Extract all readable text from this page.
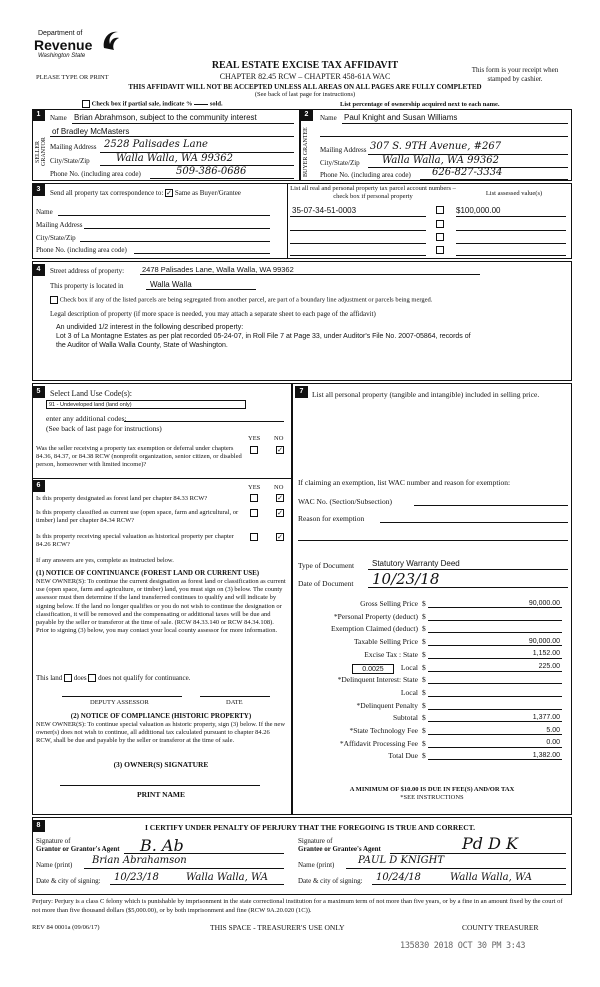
Department of
Revenue
Washington State
REAL ESTATE EXCISE TAX AFFIDAVIT
CHAPTER 82.45 RCW – CHAPTER 458-61A WAC
PLEASE TYPE OR PRINT
This form is your receipt when stamped by cashier.
THIS AFFIDAVIT WILL NOT BE ACCEPTED UNLESS ALL AREAS ON ALL PAGES ARE FULLY COMPLETED
(See back of last page for instructions)
Check box if partial sale, indicate %	sold.	List percentage of ownership acquired next to each name.
1	2
SELLER GRANTOR	BUYER GRANTEE
Name Brian Abrahmson, subject to the community interest
of Bradley McMasters
Mailing Address 2528 Palisades Lane
City/State/Zip	Walla Walla, WA 99362
Phone No. (including area code)	509-386-0686
Name Paul Knight and Susan Williams
Mailing Address 307 S. 9TH Avenue, #267
City/State/Zip Walla Walla, WA 99362
Phone No. (including area code) 626-827-3334
3	Send all property tax correspondence to: ✓ Same as Buyer/Grantee
Name
Mailing Address
City/State/Zip
Phone No. (including area code)
List all real and personal property tax parcel account numbers – check box if personal property	List assessed value(s)
35-07-34-51-0003	$100,000.00
4	Street address of property: 2478 Palisades Lane, Walla Walla, WA 99362
This property is located in	Walla Walla
Check box if any of the listed parcels are being segregated from another parcel, are part of a boundary line adjustment or parcels being merged.
Legal description of property (if more space is needed, you may attach a separate sheet to each page of the affidavit)
An undivided 1/2 interest in the following described property:
Lot 3 of La Montagne Estates as per plat recorded 05-24-07, in Roll File 7 at Page 33, under Auditor's File No. 2007-05864, records of
the Auditor of Walla Walla County, State of Washington.
5	Select Land Use Code(s):
91 - Undeveloped land (land only)
enter any additional codes:
(See back of last page for instructions)
YES NO
Was the seller receiving a property tax exemption or deferral under chapters 84.36, 84.37, or 84.38 RCW (nonprofit organization, senior citizen, or disabled person, homeowner with limited income)?
✓
6	YES NO
Is this property designated as forest land per chapter 84.33 RCW?	✓
Is this property classified as current use (open space, farm and agricultural, or timber) land per chapter 84.34 RCW?
✓
Is this property receiving special valuation as historical property per chapter 84.26 RCW?
✓
If any answers are yes, complete as instructed below.
(1) NOTICE OF CONTINUANCE (FOREST LAND OR CURRENT USE)
NEW OWNER(S): To continue the current designation as forest land or classification as current use (open space, farm and agriculture, or timber) land, you must sign on (3) below. The county assessor must then determine if the land transferred continues to qualify and will indicate by signing below. If the land no longer qualifies or you do not wish to continue the designation or classification, it will be removed and the compensating or additional taxes will be due and payable by the seller or transferor at the time of sale. (RCW 84.33.140 or RCW 84.34.108). Prior to signing (3) below, you may contact your local county assessor for more information.
This land does does not qualify for continuance.
DEPUTY ASSESSOR	DATE
(2) NOTICE OF COMPLIANCE (HISTORIC PROPERTY)
NEW OWNER(S): To continue special valuation as historic property, sign (3) below. If the new owner(s) does not wish to continue, all additional tax calculated pursuant to chapter 84.26 RCW, shall be due and payable by the seller or transferor at the time of sale.
(3) OWNER(S) SIGNATURE
PRINT NAME
7	List all personal property (tangible and intangible) included in selling price.
If claiming an exemption, list WAC number and reason for exemption:
WAC No. (Section/Subsection)
Reason for exemption
Type of Document Statutory Warranty Deed
Date of Document 10/23/18
Gross Selling Price $	90,000.00
*Personal Property (deduct) $
Exemption Claimed (deduct) $
Taxable Selling Price $	90,000.00
Excise Tax : State $	1,152.00
Local $	225.00
*Delinquent Interest: State $
Local $
*Delinquent Penalty $
Subtotal $	1,377.00
*State Technology Fee $	5.00
*Affidavit Processing Fee $	0.00
Total Due $	1,382.00
0.0025
A MINIMUM OF $10.00 IS DUE IN FEE(S) AND/OR TAX
*SEE INSTRUCTIONS
8	I CERTIFY UNDER PENALTY OF PERJURY THAT THE FOREGOING IS TRUE AND CORRECT.
Signature of
Grantor or Grantor's Agent B. Ab
Name (print) Brian Abrahamson
Date & city of signing: 10/23/18	Walla Walla, WA
Signature of
Grantee or Grantee's Agent	Pd D K
Name (print) PAUL D KNIGHT
Date & city of signing: 10/24/18	Walla Walla, WA
Perjury: Perjury is a class C felony which is punishable by imprisonment in the state correctional institution for a maximum term of not more than five years, or by a fine in an amount fixed by the court of not more than five thousand dollars ($5,000.00), or by both imprisonment and fine (RCW 9A.20.020 (1C)).
REV 84 0001a (09/06/17)	THIS SPACE - TREASURER'S USE ONLY	COUNTY TREASURER
135830 2018 OCT 30 PM 3:43
